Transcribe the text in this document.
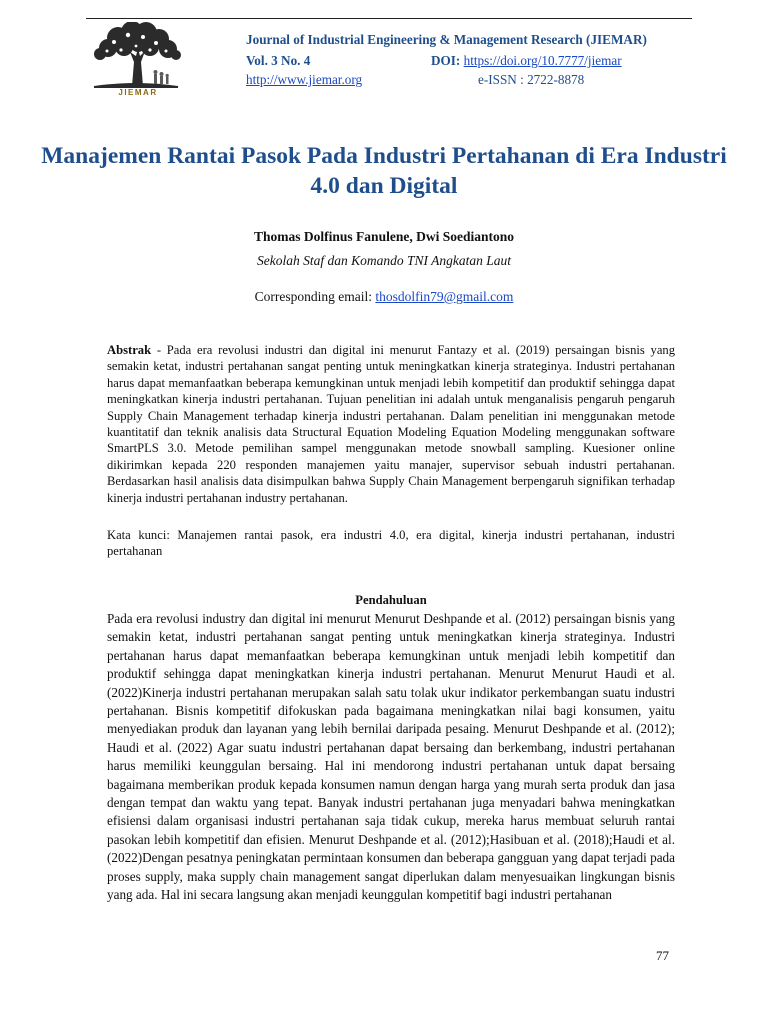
JIEMAR
Journal of Industrial Engineering & Management Research (JIEMAR)
Vol. 3 No. 4	DOI: https://doi.org/10.7777/jiemar
http://www.jiemar.org	e-ISSN : 2722-8878
Manajemen Rantai Pasok Pada Industri Pertahanan di Era Industri 4.0 dan Digital
Thomas Dolfinus Fanulene, Dwi Soediantono
Sekolah Staf dan Komando TNI Angkatan Laut
Corresponding email: thosdolfin79@gmail.com
Abstrak - Pada era revolusi industri dan digital ini menurut Fantazy et al. (2019) persaingan bisnis yang semakin ketat, industri pertahanan sangat penting untuk meningkatkan kinerja strateginya. Industri pertahanan harus dapat memanfaatkan beberapa kemungkinan untuk menjadi lebih kompetitif dan produktif sehingga dapat meningkatkan kinerja industri pertahanan. Tujuan penelitian ini adalah untuk menganalisis pengaruh pengaruh Supply Chain Management terhadap kinerja industri pertahanan. Dalam penelitian ini menggunakan metode kuantitatif dan teknik analisis data Structural Equation Modeling Equation Modeling menggunakan software SmartPLS 3.0. Metode pemilihan sampel menggunakan metode snowball sampling. Kuesioner online dikirimkan kepada 220 responden manajemen yaitu manajer, supervisor sebuah industri pertahanan. Berdasarkan hasil analisis data disimpulkan bahwa Supply Chain Management berpengaruh signifikan terhadap kinerja industri pertahanan industry pertahanan.
Kata kunci: Manajemen rantai pasok, era industri 4.0, era digital, kinerja industri pertahanan, industri pertahanan
Pendahuluan
Pada era revolusi industry dan digital ini menurut Menurut Deshpande et al. (2012) persaingan bisnis yang semakin ketat, industri pertahanan sangat penting untuk meningkatkan kinerja strateginya. Industri pertahanan harus dapat memanfaatkan beberapa kemungkinan untuk menjadi lebih kompetitif dan produktif sehingga dapat meningkatkan kinerja industri pertahanan. Menurut Menurut Haudi et al. (2022)Kinerja industri pertahanan merupakan salah satu tolak ukur indikator perkembangan suatu industri pertahanan. Bisnis kompetitif difokuskan pada bagaimana meningkatkan nilai bagi konsumen, yaitu menyediakan produk dan layanan yang lebih bernilai daripada pesaing. Menurut Deshpande et al. (2012); Haudi et al. (2022) Agar suatu industri pertahanan dapat bersaing dan berkembang, industri pertahanan harus memiliki keunggulan bersaing. Hal ini mendorong industri pertahanan untuk dapat bersaing bagaimana memberikan produk kepada konsumen namun dengan harga yang murah serta produk dan jasa dengan tempat dan waktu yang tepat. Banyak industri pertahanan juga menyadari bahwa meningkatkan efisiensi dalam organisasi industri pertahanan saja tidak cukup, mereka harus membuat seluruh rantai pasokan lebih kompetitif dan efisien. Menurut Deshpande et al. (2012);Hasibuan et al. (2018);Haudi et al. (2022)Dengan pesatnya peningkatan permintaan konsumen dan beberapa gangguan yang dapat terjadi pada proses supply, maka supply chain management sangat diperlukan dalam menyesuaikan lingkungan bisnis yang ada. Hal ini secara langsung akan menjadi keunggulan kompetitif bagi industri pertahanan
77
